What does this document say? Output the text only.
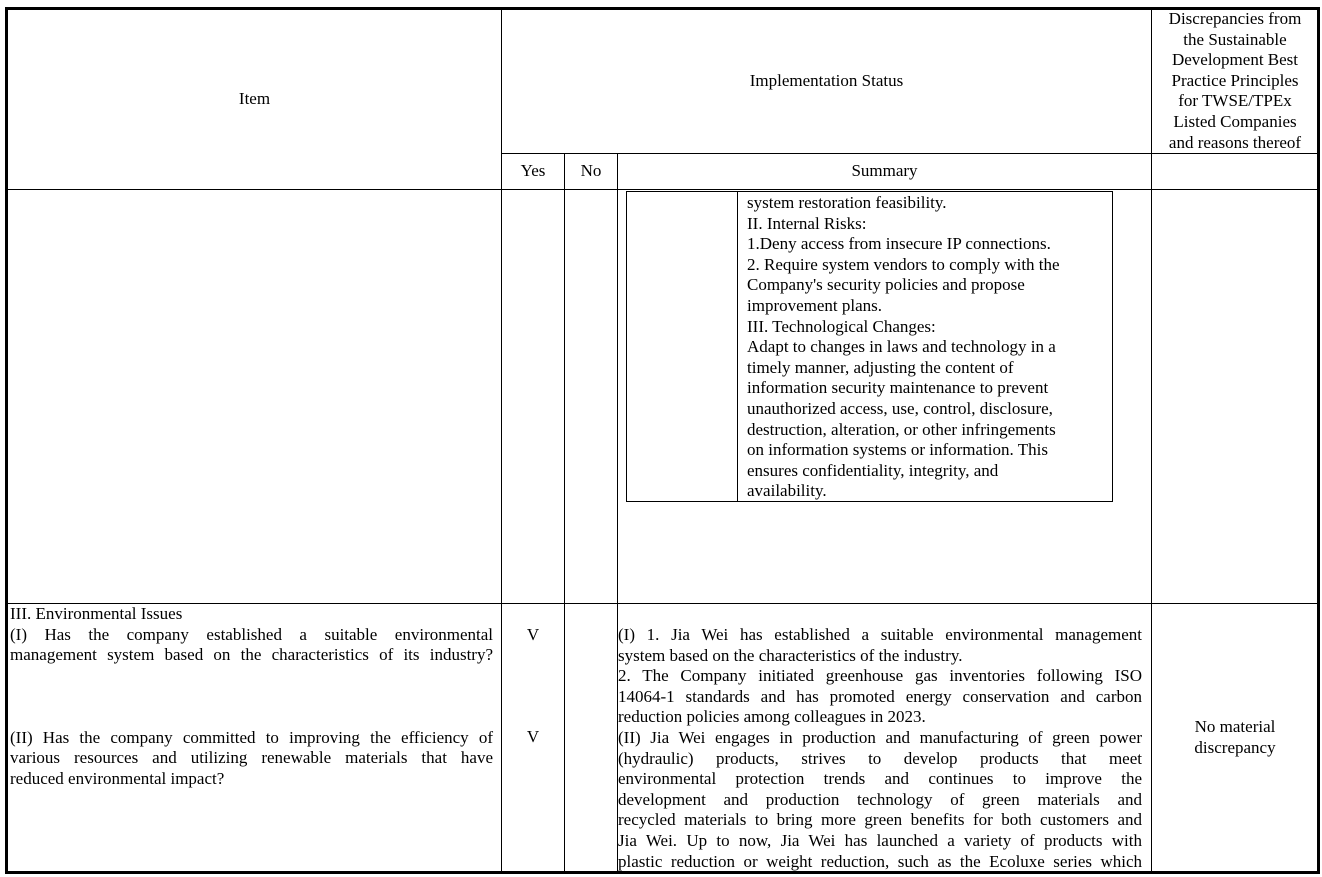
Item
Implementation Status
Yes	No	Summary
Discrepancies from
the Sustainable
Development Best
Practice Principles
for TWSE/TPEx
Listed Companies
and reasons thereof
system restoration feasibility.
II. Internal Risks:
1.Deny access from insecure IP connections.
2. Require system vendors to comply with the
Company's security policies and propose
improvement plans.
III. Technological Changes:
Adapt to changes in laws and technology in a
timely manner, adjusting the content of
information security maintenance to prevent
unauthorized access, use, control, disclosure,
destruction, alteration, or other infringements
on information systems or information. This
ensures confidentiality, integrity, and
availability.
III. Environmental Issues
(I) Has the company established a suitable environmental
management system based on the characteristics of its industry?
(II) Has the company committed to improving the efficiency of
various resources and utilizing renewable materials that have
reduced environmental impact?
V
V
(I) 1. Jia Wei has established a suitable environmental management
system based on the characteristics of the industry.
2. The Company initiated greenhouse gas inventories following ISO
14064-1 standards and has promoted energy conservation and carbon
reduction policies among colleagues in 2023.
(II) Jia Wei engages in production and manufacturing of green power
(hydraulic) products, strives to develop products that meet
environmental protection trends and continues to improve the
development and production technology of green materials and
recycled materials to bring more green benefits for both customers and
Jia Wei. Up to now, Jia Wei has launched a variety of products with
plastic reduction or weight reduction, such as the Ecoluxe series which
No material
discrepancy
